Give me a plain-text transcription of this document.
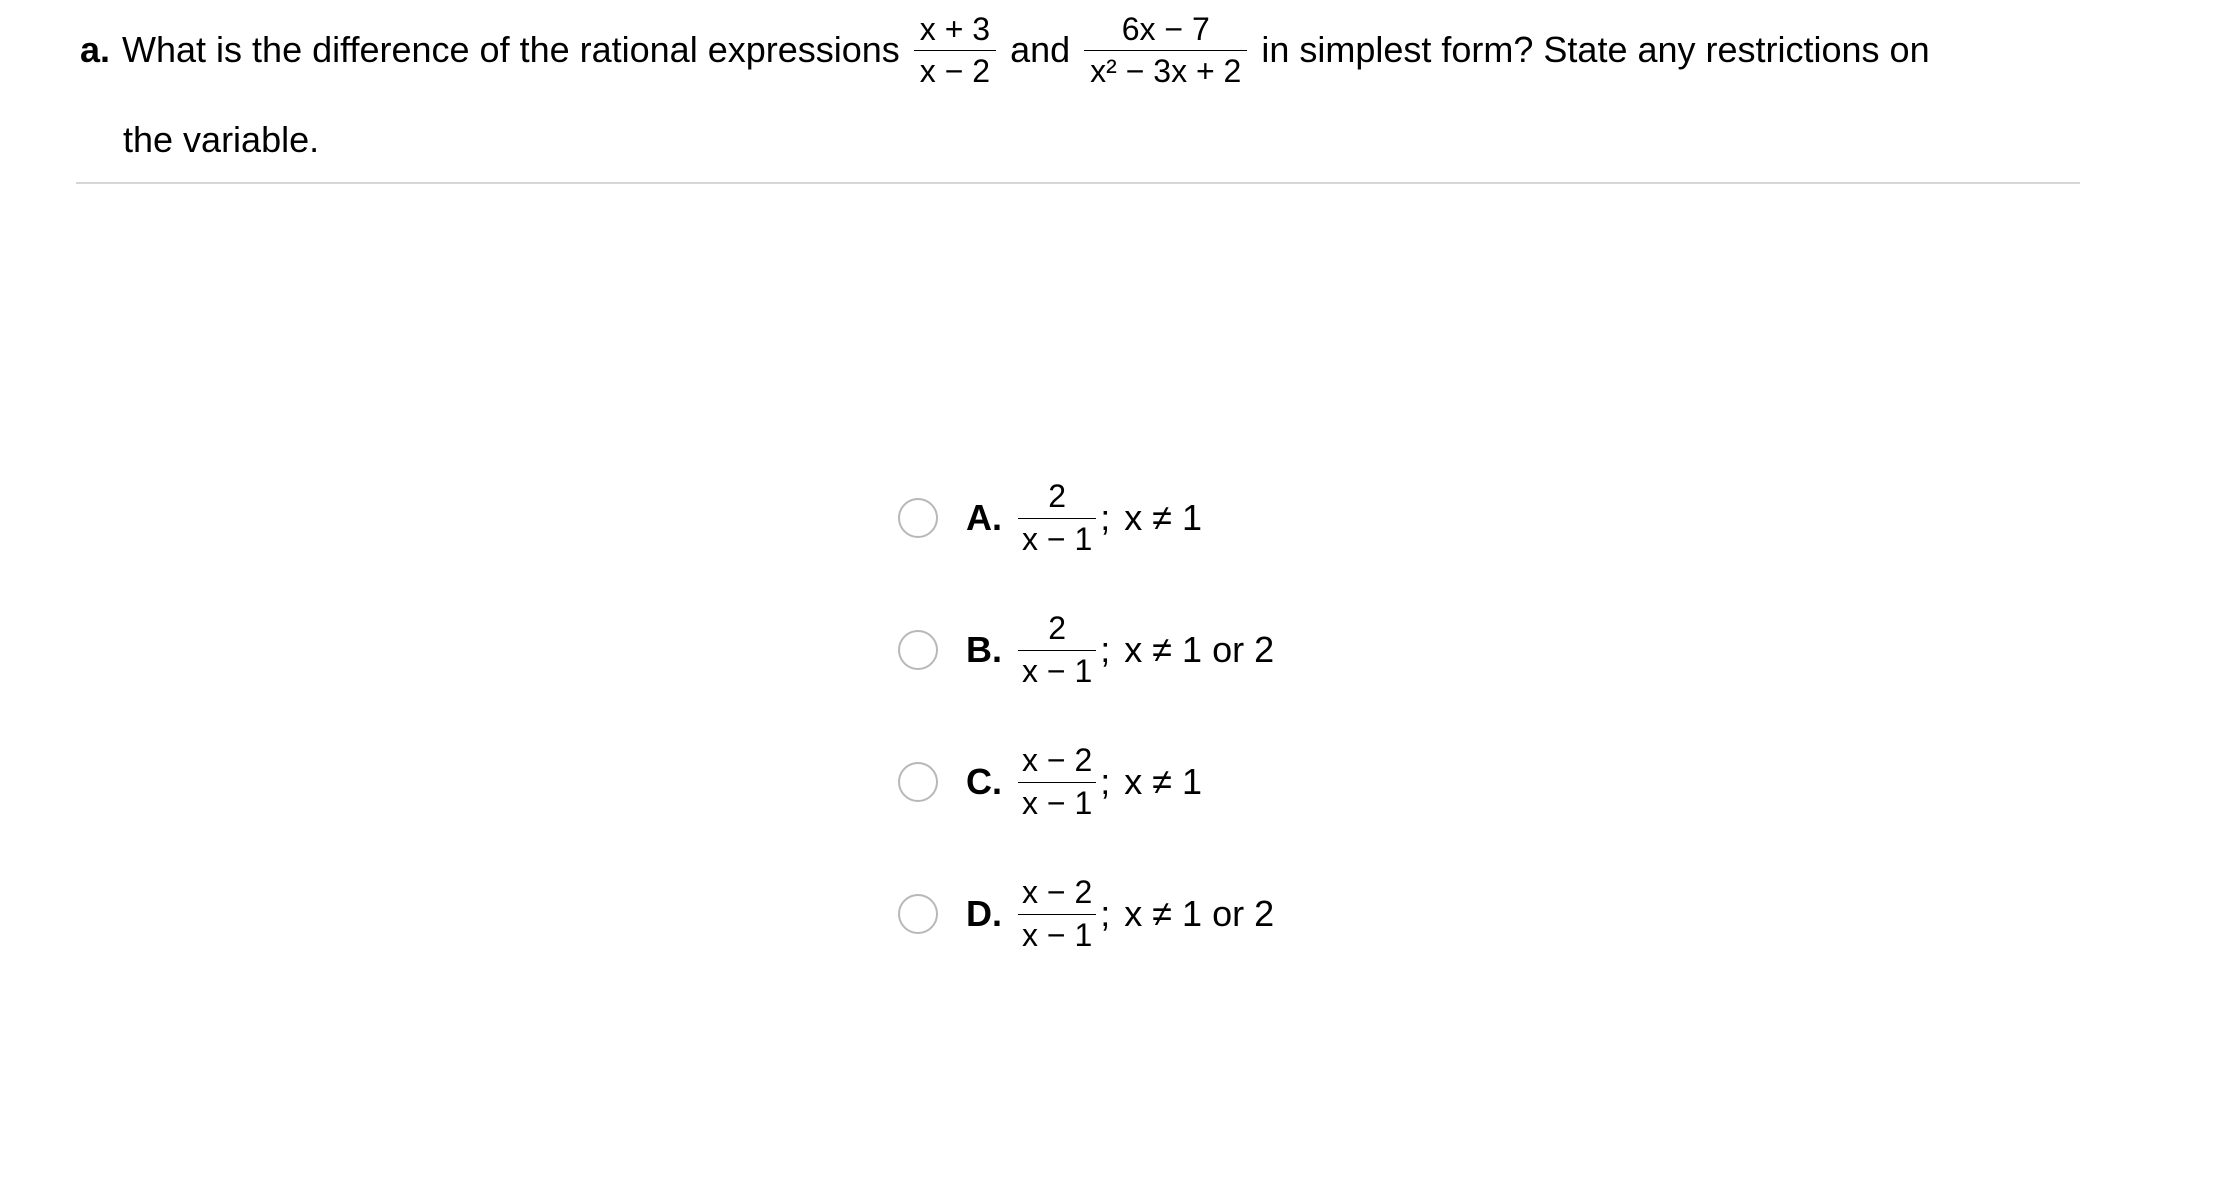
a. What is the difference of the rational expressions $\frac{x + 3}{x - 2}$ and $\frac{6x - 7}{\text{x² − 3x + 2}}$ in simplest form? State any restrictions on
the variable.
A. $\frac{2}{x - 1}$ ; x ≠ 1
B. $\frac{2}{x - 1}$ ; x ≠ 1 or 2
C. $\frac{x - 2}{x - 1}$ ; x ≠ 1
D. $\frac{x - 2}{x - 1}$ ; x ≠ 1 or 2
